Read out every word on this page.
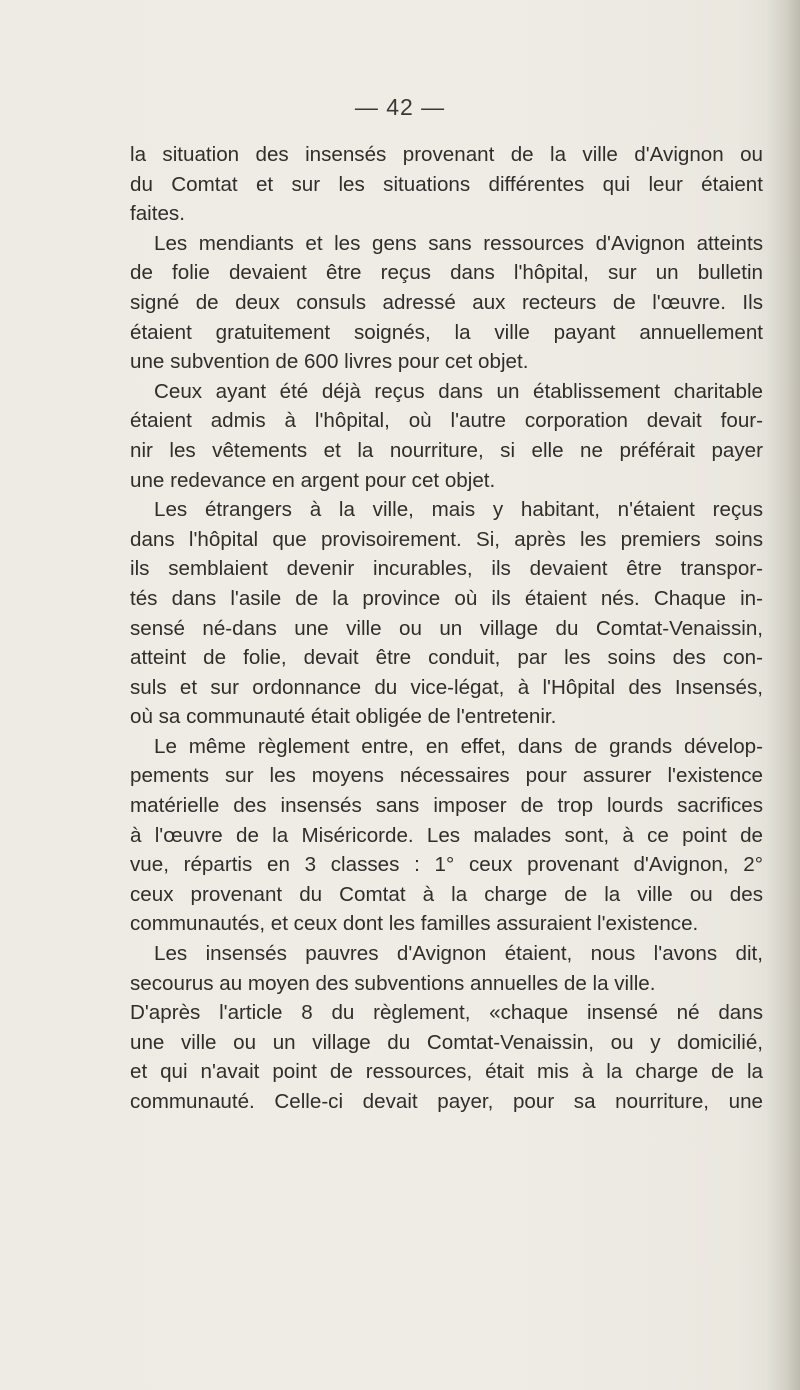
— 42 —
la situation des insensés provenant de la ville d'Avignon ou
du Comtat et sur les situations différentes qui leur étaient
faites.
Les mendiants et les gens sans ressources d'Avignon atteints
de folie devaient être reçus dans l'hôpital, sur un bulletin
signé de deux consuls adressé aux recteurs de l'œuvre. Ils
étaient gratuitement soignés, la ville payant annuellement
une subvention de 600 livres pour cet objet.
Ceux ayant été déjà reçus dans un établissement charitable
étaient admis à l'hôpital, où l'autre corporation devait four-
nir les vêtements et la nourriture, si elle ne préférait payer
une redevance en argent pour cet objet.
Les étrangers à la ville, mais y habitant, n'étaient reçus
dans l'hôpital que provisoirement. Si, après les premiers soins
ils semblaient devenir incurables, ils devaient être transpor-
tés dans l'asile de la province où ils étaient nés. Chaque in-
sensé né-dans une ville ou un village du Comtat-Venaissin,
atteint de folie, devait être conduit, par les soins des con-
suls et sur ordonnance du vice-légat, à l'Hôpital des Insensés,
où sa communauté était obligée de l'entretenir.
Le même règlement entre, en effet, dans de grands dévelop-
pements sur les moyens nécessaires pour assurer l'existence
matérielle des insensés sans imposer de trop lourds sacrifices
à l'œuvre de la Miséricorde. Les malades sont, à ce point de
vue, répartis en 3 classes : 1° ceux provenant d'Avignon, 2°
ceux provenant du Comtat à la charge de la ville ou des
communautés, et ceux dont les familles assuraient l'existence.
Les insensés pauvres d'Avignon étaient, nous l'avons dit,
secourus au moyen des subventions annuelles de la ville.
D'après l'article 8 du règlement, «chaque insensé né dans
une ville ou un village du Comtat-Venaissin, ou y domicilié,
et qui n'avait point de ressources, était mis à la charge de la
communauté. Celle-ci devait payer, pour sa nourriture, une
